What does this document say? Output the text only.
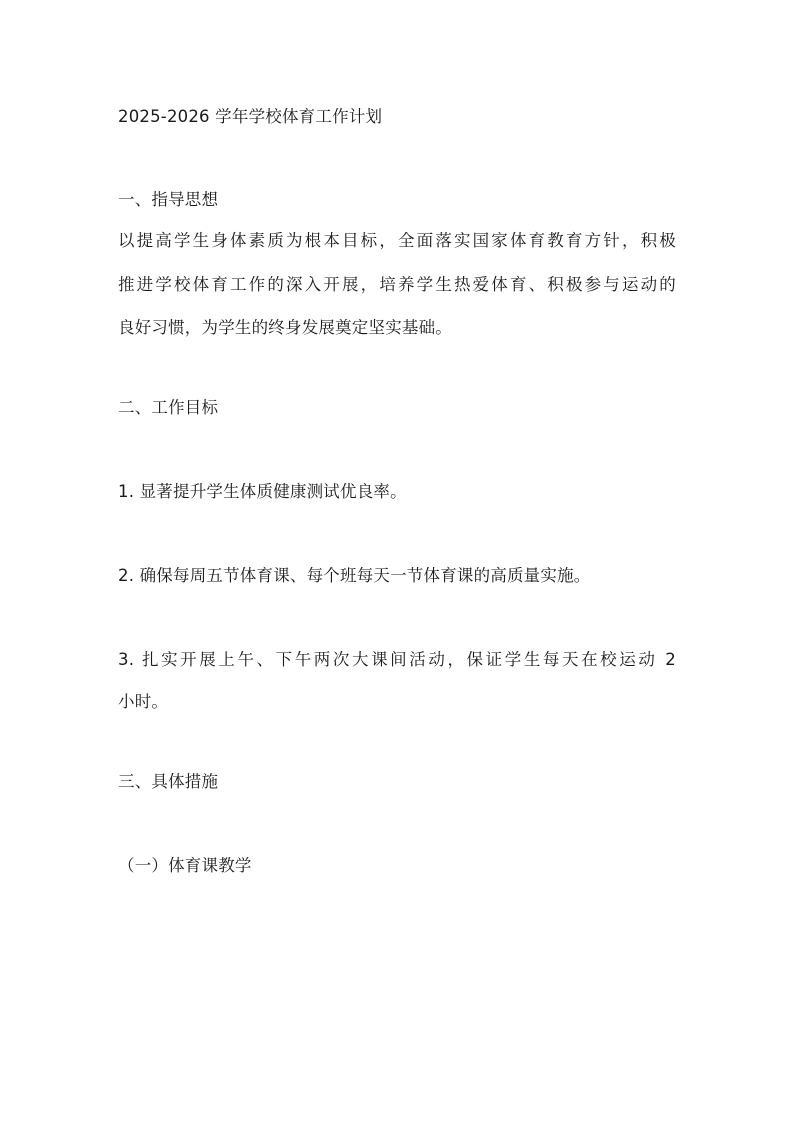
2025-2026 学年学校体育工作计划
一、指导思想
以提高学生身体素质为根本目标，全面落实国家体育教育方针，积极
推进学校体育工作的深入开展，培养学生热爱体育、积极参与运动的
良好习惯，为学生的终身发展奠定坚实基础。
二、工作目标
1. 显著提升学生体质健康测试优良率。
2. 确保每周五节体育课、每个班每天一节体育课的高质量实施。
3. 扎实开展上午、下午两次大课间活动，保证学生每天在校运动 2
小时。
三、具体措施
（一）体育课教学
